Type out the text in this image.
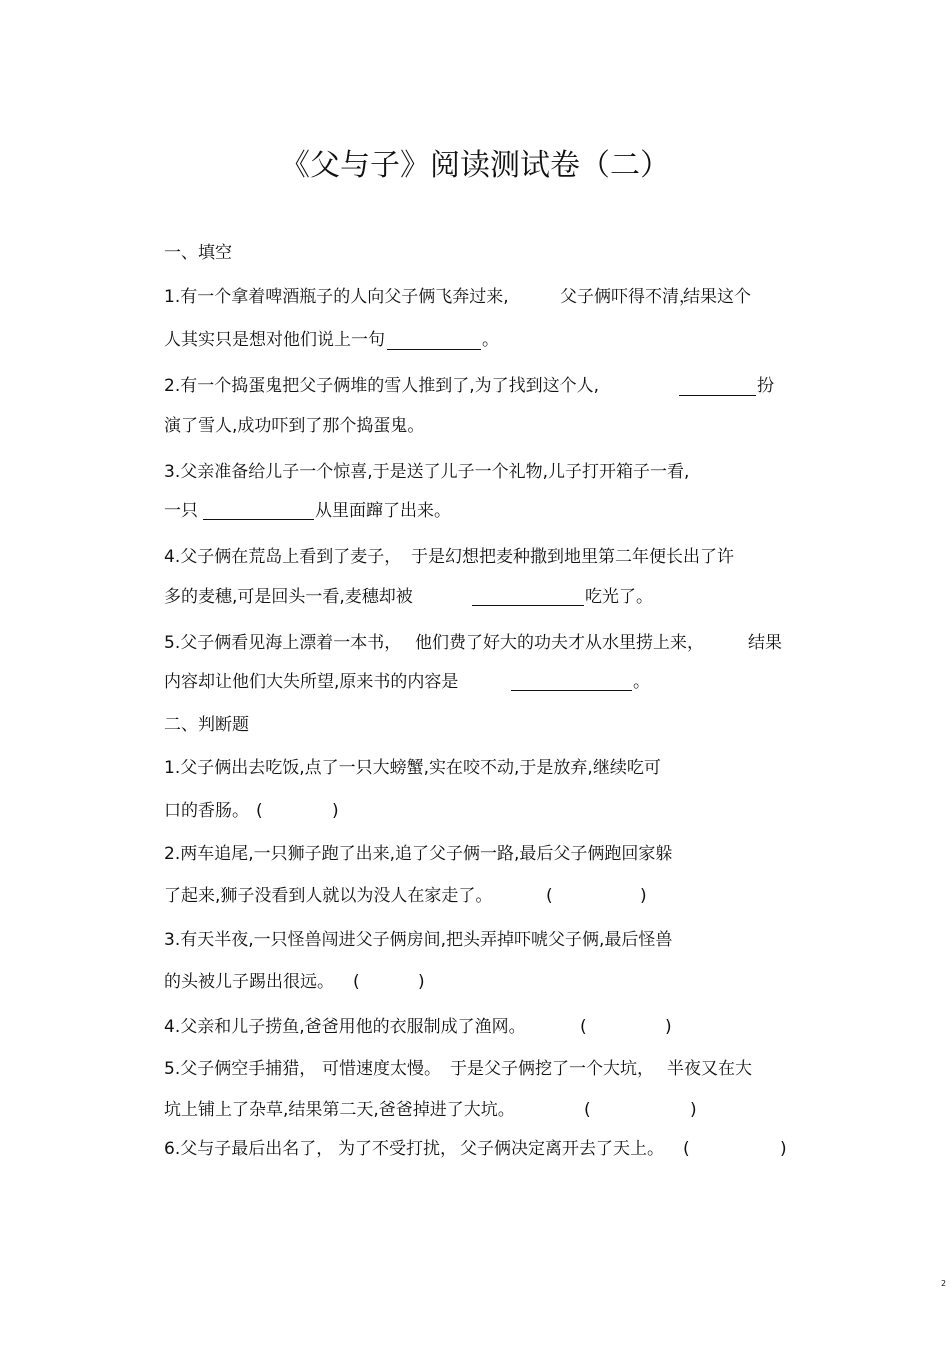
《父与子》阅读测试卷（二）
一、填空
1.有一个拿着啤酒瓶子的人向父子俩飞奔过来,	父子俩吓得不清，
结果这个
人其实只是想对他们说上一句	。
2.有一个捣蛋鬼把父子俩堆的雪人推到了,为了找到这个人,	扮
演了雪人,成功吓到了那个捣蛋鬼。
3.父亲准备给儿子一个惊喜,于是送了儿子一个礼物,儿子打开箱子一看,
一只	从里面蹿了出来。
4.父子俩在荒岛上看到了麦子， 于是幻想把麦种撒到地里第二年便长出了许
多的麦穗,可是回头一看,麦穗却被	吃光了。
5.父子俩看见海上漂着一本书， 他们费了好大的功夫才从水里捞上来，	结果
内容却让他们大失所望,原来书的内容是	。
二、判断题
1.父子俩出去吃饭,点了一只大螃蟹,实在咬不动,于是放弃,继续吃可
口的香肠。 (	)
2.两车追尾,一只狮子跑了出来,追了父子俩一路,最后父子俩跑回家躲
了起来,狮子没看到人就以为没人在家走了。	(	)
3.有天半夜,一只怪兽闯进父子俩房间,把头弄掉吓唬父子俩,最后怪兽
的头被儿子踢出很远。 (	)
4.父亲和儿子捞鱼,爸爸用他的衣服制成了渔网。	(	)
5.父子俩空手捕猎， 可惜速度太慢。 于是父子俩挖了一个大坑， 半夜又在大
坑上铺上了杂草,结果第二天,爸爸掉进了大坑。	(	)
6.父与子最后出名了， 为了不受打扰， 父子俩决定离开去了天上。 (	)
2
